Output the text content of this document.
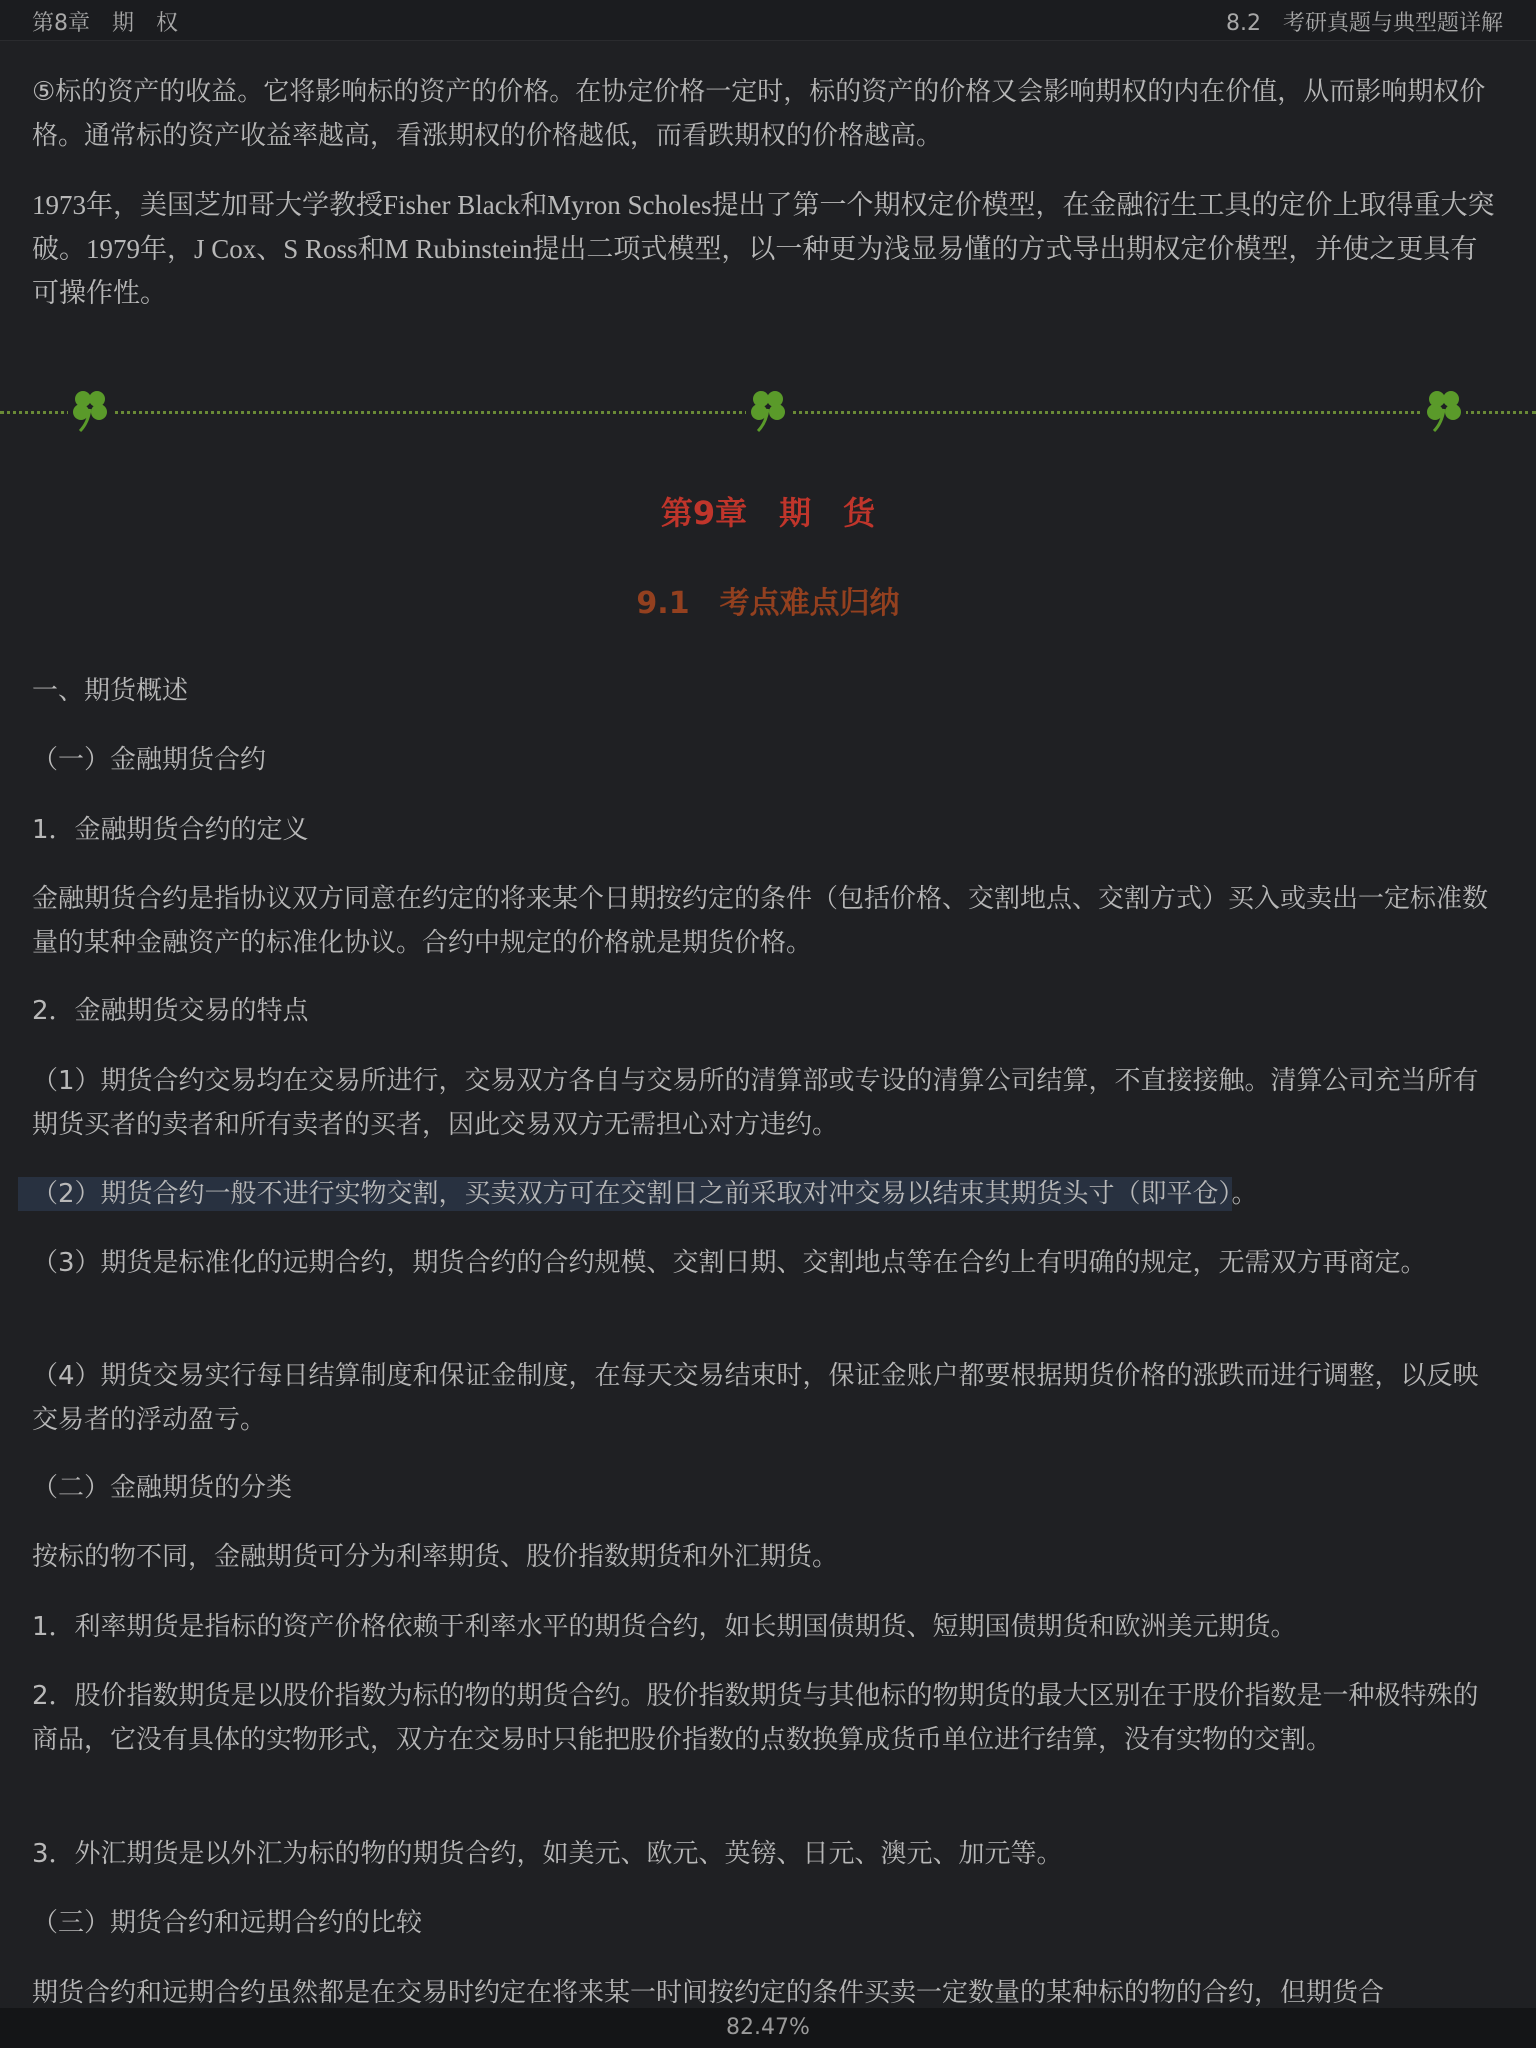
第8章　期　权	8.2　考研真题与典型题详解

⑤标的资产的收益。它将影响标的资产的价格。在协定价格一定时，标的资产的价格又会影响期权的内在价值，从而影响期权价格。通常标的资产收益率越高，看涨期权的价格越低，而看跌期权的价格越高。

1973年，美国芝加哥大学教授Fisher Black和Myron Scholes提出了第一个期权定价模型，在金融衍生工具的定价上取得重大突破。1979年，J Cox、S Ross和M Rubinstein提出二项式模型，以一种更为浅显易懂的方式导出期权定价模型，并使之更具有可操作性。

第9章　期　货
9.1　考点难点归纳

一、期货概述

（一）金融期货合约

1．金融期货合约的定义

金融期货合约是指协议双方同意在约定的将来某个日期按约定的条件（包括价格、交割地点、交割方式）买入或卖出一定标准数量的某种金融资产的标准化协议。合约中规定的价格就是期货价格。

2．金融期货交易的特点

（1）期货合约交易均在交易所进行，交易双方各自与交易所的清算部或专设的清算公司结算，不直接接触。清算公司充当所有期货买者的卖者和所有卖者的买者，因此交易双方无需担心对方违约。

（2）期货合约一般不进行实物交割，买卖双方可在交割日之前采取对冲交易以结束其期货头寸（即平仓）。

（3）期货是标准化的远期合约，期货合约的合约规模、交割日期、交割地点等在合约上有明确的规定，无需双方再商定。

（4）期货交易实行每日结算制度和保证金制度，在每天交易结束时，保证金账户都要根据期货价格的涨跌而进行调整，以反映交易者的浮动盈亏。

（二）金融期货的分类

按标的物不同，金融期货可分为利率期货、股价指数期货和外汇期货。

1．利率期货是指标的资产价格依赖于利率水平的期货合约，如长期国债期货、短期国债期货和欧洲美元期货。

2．股价指数期货是以股价指数为标的物的期货合约。股价指数期货与其他标的物期货的最大区别在于股价指数是一种极特殊的商品，它没有具体的实物形式，双方在交易时只能把股价指数的点数换算成货币单位进行结算，没有实物的交割。

3．外汇期货是以外汇为标的物的期货合约，如美元、欧元、英镑、日元、澳元、加元等。

（三）期货合约和远期合约的比较

期货合约和远期合约虽然都是在交易时约定在将来某一时间按约定的条件买卖一定数量的某种标的物的合约，但期货合

82.47%
